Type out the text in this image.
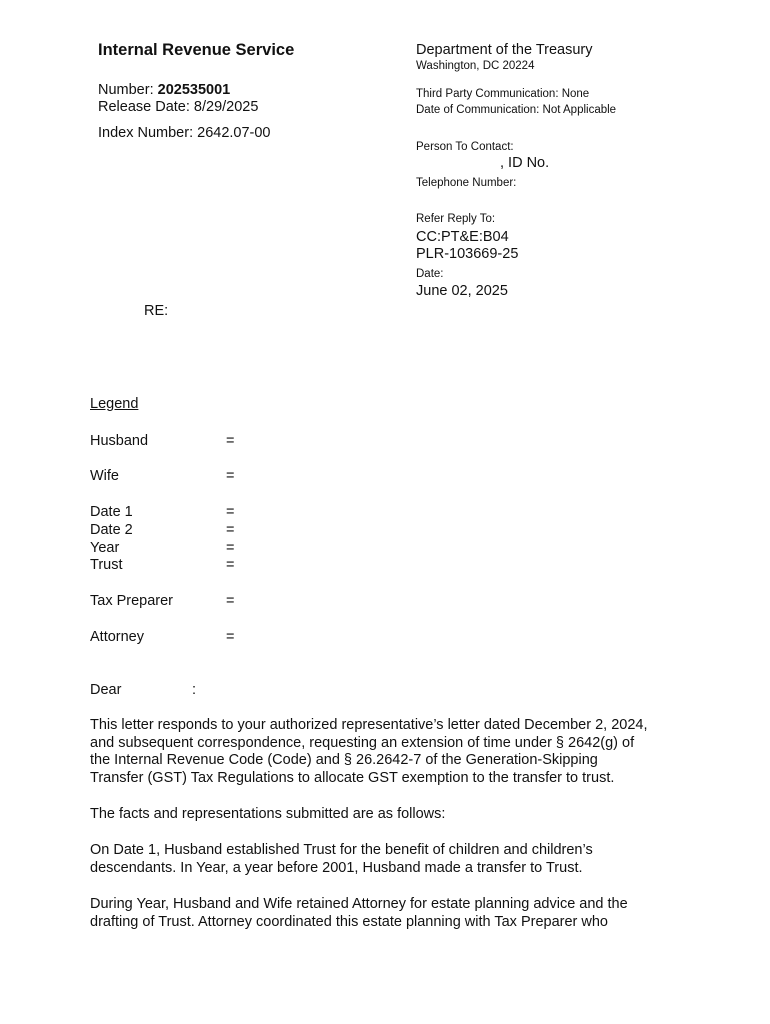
Internal Revenue Service
Number: 202535001
Release Date: 8/29/2025
Index Number: 2642.07-00
Department of the Treasury
Washington, DC 20224
Third Party Communication: None
Date of Communication: Not Applicable
Person To Contact:
, ID No.
Telephone Number:
Refer Reply To:
CC:PT&E:B04
PLR-103669-25
Date:
June 02, 2025
RE:
Legend
Husband	=
Wife	=
Date 1	=
Date 2	=
Year	=
Trust	=
Tax Preparer	=
Attorney	=
Dear	:

This letter responds to your authorized representative’s letter dated December 2, 2024,
and subsequent correspondence, requesting an extension of time under § 2642(g) of
the Internal Revenue Code (Code) and § 26.2642-7 of the Generation-Skipping
Transfer (GST) Tax Regulations to allocate GST exemption to the transfer to trust.

The facts and representations submitted are as follows:

On Date 1, Husband established Trust for the benefit of children and children’s
descendants. In Year, a year before 2001, Husband made a transfer to Trust.

During Year, Husband and Wife retained Attorney for estate planning advice and the
drafting of Trust. Attorney coordinated this estate planning with Tax Preparer who
